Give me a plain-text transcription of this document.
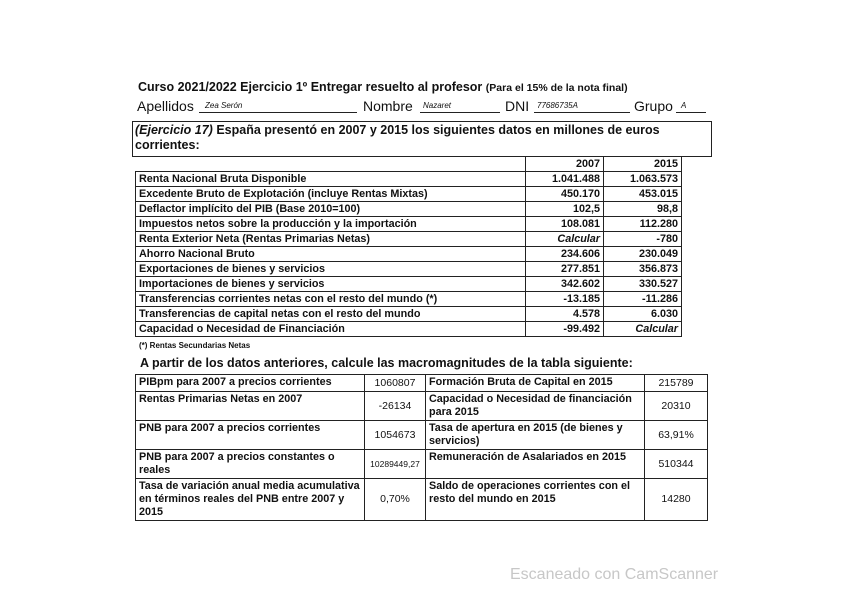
Curso 2021/2022 Ejercicio 1º Entregar resuelto al profesor (Para el 15% de la nota final)
Apellidos Zea Serón	Nombre Nazaret	DNI 77686735A	Grupo A
(Ejercicio 17) España presentó en 2007 y 2015 los siguientes datos en millones de euros corrientes:
	2007	2015
Renta Nacional Bruta Disponible	1.041.488	1.063.573
Excedente Bruto de Explotación (incluye Rentas Mixtas)	450.170	453.015
Deflactor implícito del PIB (Base 2010=100)	102,5	98,8
Impuestos netos sobre la producción y la importación	108.081	112.280
Renta Exterior Neta (Rentas Primarias Netas)	Calcular	-780
Ahorro Nacional Bruto	234.606	230.049
Exportaciones de bienes y servicios	277.851	356.873
Importaciones de bienes y servicios	342.602	330.527
Transferencias corrientes netas con el resto del mundo (*)	-13.185	-11.286
Transferencias de capital netas con el resto del mundo	4.578	6.030
Capacidad o Necesidad de Financiación	-99.492	Calcular
(*) Rentas Secundarias Netas
A partir de los datos anteriores, calcule las macromagnitudes de la tabla siguiente:
PIBpm para 2007 a precios corrientes	1060807	Formación Bruta de Capital en 2015	215789
Rentas Primarias Netas en 2007	-26134	Capacidad o Necesidad de financiación para 2015	20310
PNB para 2007 a precios corrientes	1054673	Tasa de apertura en 2015 (de bienes y servicios)	63,91%
PNB para 2007 a precios constantes o reales	10289449,27	Remuneración de Asalariados en 2015	510344
Tasa de variación anual media acumulativa en términos reales del PNB entre 2007 y 2015	0,70%	Saldo de operaciones corrientes con el resto del mundo en 2015	14280
Escaneado con CamScanner
